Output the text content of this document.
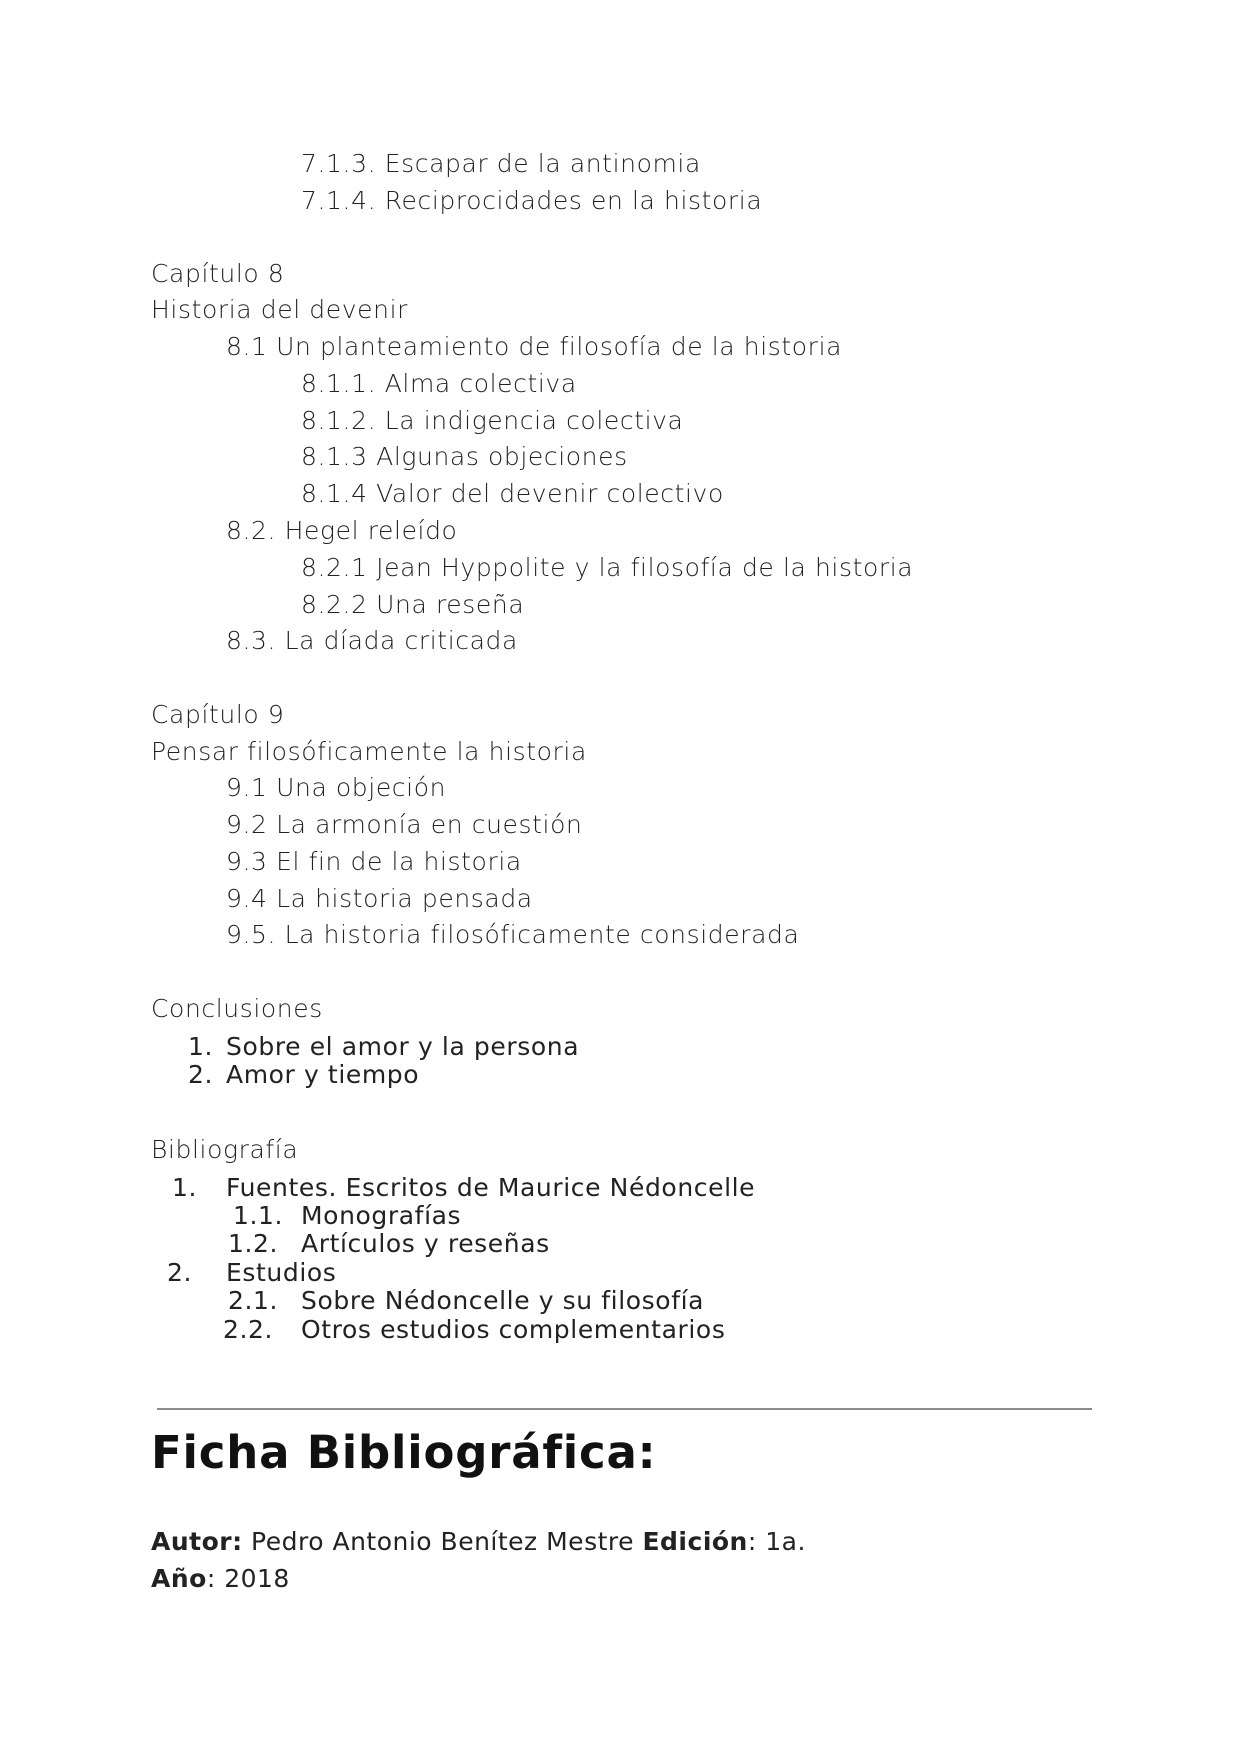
7.1.3. Escapar de la antinomia
7.1.4. Reciprocidades en la historia
Capítulo 8
Historia del devenir
8.1 Un planteamiento de filosofía de la historia
8.1.1. Alma colectiva
8.1.2. La indigencia colectiva
8.1.3 Algunas objeciones
8.1.4 Valor del devenir colectivo
8.2. Hegel releído
8.2.1 Jean Hyppolite y la filosofía de la historia
8.2.2 Una reseña
8.3. La díada criticada
Capítulo 9
Pensar filosóficamente la historia
9.1 Una objeción
9.2 La armonía en cuestión
9.3 El fin de la historia
9.4 La historia pensada
9.5. La historia filosóficamente considerada
Conclusiones
1. Sobre el amor y la persona
2. Amor y tiempo
Bibliografía
1. Fuentes. Escritos de Maurice Nédoncelle
1.1. Monografías
1.2. Artículos y reseñas
2. Estudios
2.1. Sobre Nédoncelle y su filosofía
2.2. Otros estudios complementarios
Ficha Bibliográfica:
Autor: Pedro Antonio Benítez Mestre Edición: 1a.
Año: 2018
